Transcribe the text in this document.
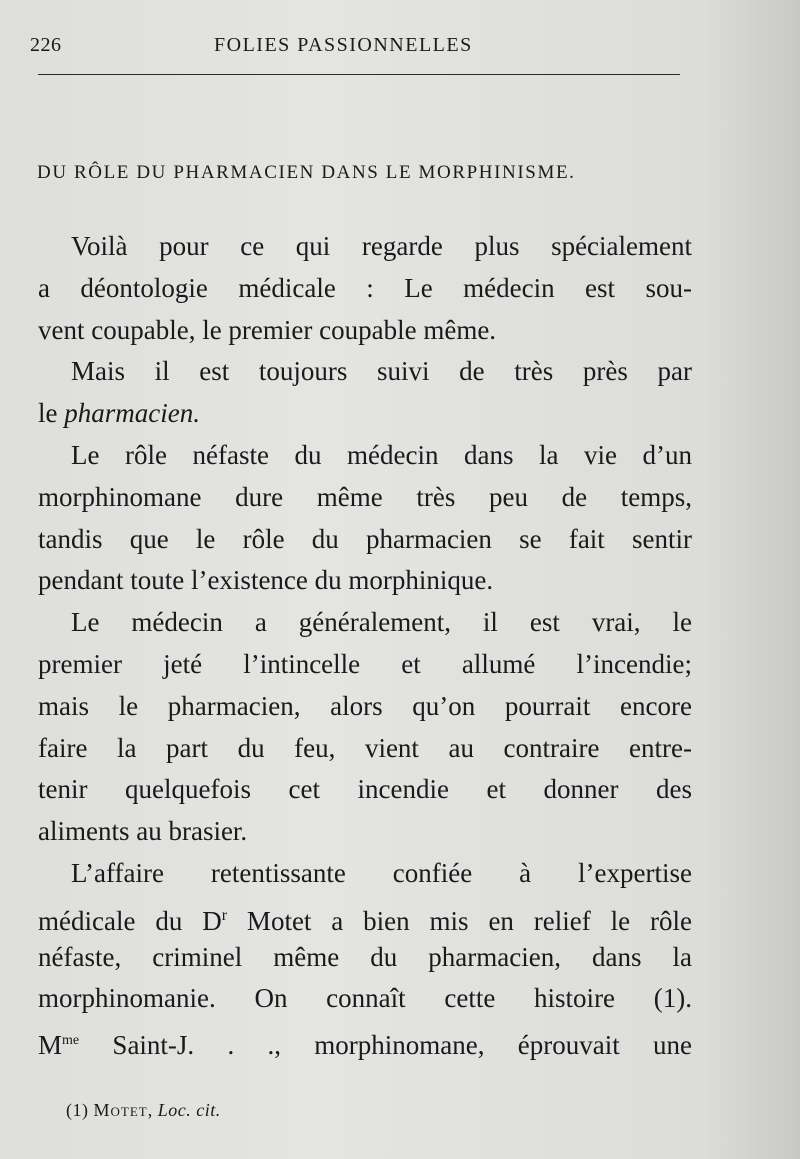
226	FOLIES PASSIONNELLES
DU RÔLE DU PHARMACIEN DANS LE MORPHINISME.
Voilà pour ce qui regarde plus spécialement
a déontologie médicale : Le médecin est sou-
vent coupable, le premier coupable même.
Mais il est toujours suivi de très près par
le pharmacien.
Le rôle néfaste du médecin dans la vie d’un
morphinomane dure même très peu de temps,
tandis que le rôle du pharmacien se fait sentir
pendant toute l’existence du morphinique.
Le médecin a généralement, il est vrai, le
premier jeté l’intincelle et allumé l’incendie;
mais le pharmacien, alors qu’on pourrait encore
faire la part du feu, vient au contraire entre-
tenir quelquefois cet incendie et donner des
aliments au brasier.
L’affaire retentissante confiée à l’expertise
médicale du $D^r$ Motet a bien mis en relief le rôle
néfaste, criminel même du pharmacien, dans la
morphinomanie. On connaît cette histoire (1).
$M^{me}$ Saint-J. . ., morphinomane, éprouvait une
(1) Motet, Loc. cit.
